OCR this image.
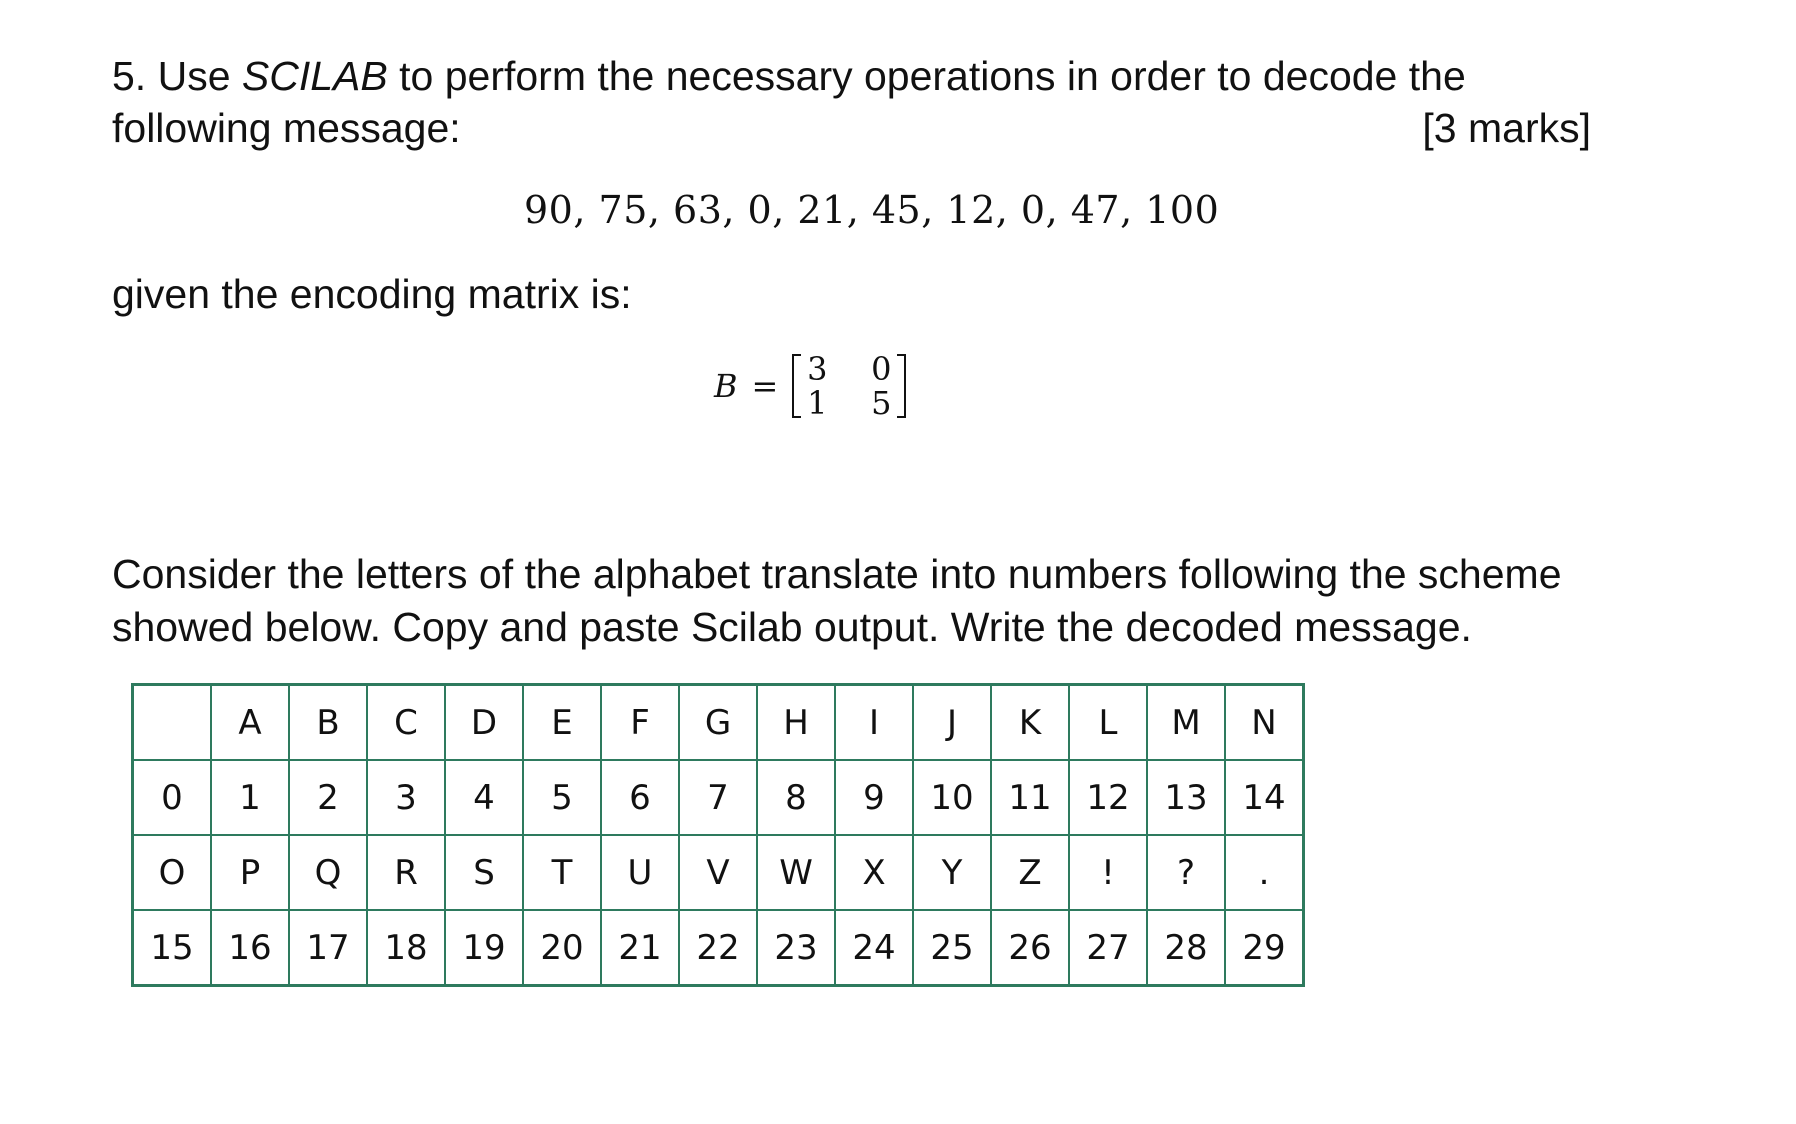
5. Use SCILAB to perform the necessary operations in order to decode the
following message:	[3 marks]
90, 75, 63, 0, 21, 45, 12, 0, 47, 100
given the encoding matrix is:
B = 3 0
1 5
Consider the letters of the alphabet translate into numbers following the scheme
showed below. Copy and paste Scilab output. Write the decoded message.
	A	B	C	D	E	F	G	H	I	J	K	L	M	N
0	1	2	3	4	5	6	7	8	9	10	11	12	13	14
O	P	Q	R	S	T	U	V	W	X	Y	Z	!	?	.
15	16	17	18	19	20	21	22	23	24	25	26	27	28	29
